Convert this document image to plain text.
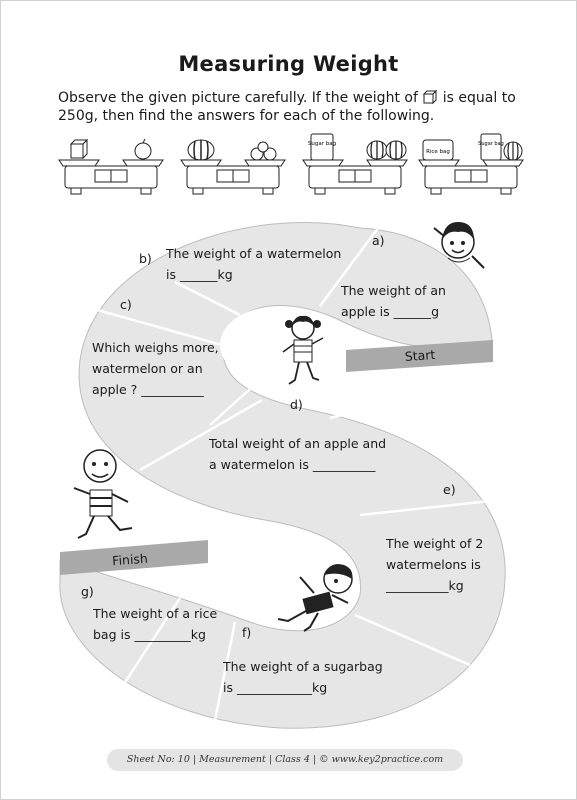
Measuring Weight
Observe the given picture carefully. If the weight of is equal to 250g, then find the answers for each of the following.
Sugar bag
Rice bag
Sugar bag
Start
Finish
a)
The weight of an
apple is ______g
b) The weight of a watermelon
is ______kg
c)
Which weighs more,
watermelon or an
apple ? __________
d)
Total weight of an apple and
a watermelon is __________
e)
The weight of 2
watermelons is
__________kg
f)
The weight of a sugarbag
is ____________kg
g)
The weight of a rice
bag is _________kg
Sheet No: 10 | Measurement | Class 4 | © www.key2practice.com
